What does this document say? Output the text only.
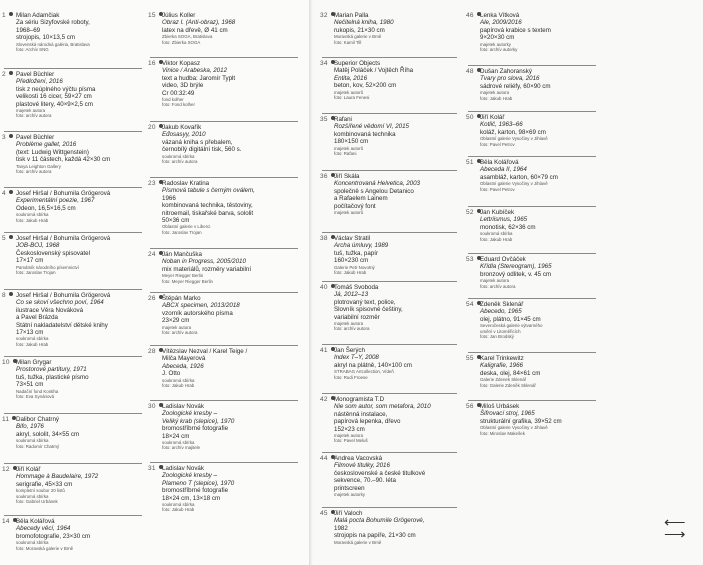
1	Milan Adamčiak
Za sériu Sizyfovské roboty,
1968–69
strojopis, 10×13,5 cm
Slovenská národná galéria, Bratislava
foto: Archív SNG
2	Pavel Büchler
Předložení, 2016
tisk z neúplného výčtu písma
velikosti 16 cicer, 59×27 cm
plastové litery, 40×9×2,5 cm
majetek autora
foto: archív autora
3	Pavel Büchler
Problème gallet, 2016
(text: Ludwig Wittgenstein)
tisk v 11 částech, každá 42×30 cm
Tanya Leighton Gallery
foto: archív autora
4	Josef Hiršal / Bohumila Grögerová
Experimentální poezie, 1967
Odeon, 16,5×16,5 cm
soukromá sbírka
foto: Jakub Hrab
5	Josef Hiršal / Bohumila Grögerová
JOB-BOJ, 1968
Československý spisovatel
17×17 cm
Památník národního písemnictví
foto: Jaroslav Trojan
8	Josef Hiršal / Bohumila Grögerová
Co se skoví všechno poví, 1964
ilustrace Věra Nováková
a Pavel Brázda
Státní nakladatelství dětské knihy
17×13 cm
soukromá sbírka
foto: Jakub Hrab
10	Milan Grygar
Prostorové partitury, 1971
tuš, tužka, plastické písmo
73×51 cm
Nadační fond Kontiha
foto: Eva Synáriová
11	Dalibor Chatrný
Bifo, 1976
akryl, sololit, 34×55 cm
soukromá sbírka
foto: Radomír Chatrný
12	Jiří Kolář
Hommage à Baudelaire, 1972
serigrafie, 45×33 cm
kompletní soubor 20 listů
soukromá sbírka
foto: Gabriel Urbánek
14	Běla Kolářová
Abecedy věcí, 1964
bromofotografie, 23×30 cm
soukromá sbírka
foto: Moravská galerie v Brně
15	Július Koller
Obraz I. (Anti-obraz), 1968
latex na dřevě, Ø 41 cm
Zbierka SOGA, Bratislava
foto: Zbierka SOGA
16	Viktor Kopasz
Vinice / Arabeska, 2012
text a hudba: Jaromír Typlt
video, 3D brýle
Cr 00:32:49
fond kolher
foto: Fond kolher
20	Jakub Kovařík
Eđosasyy, 2010
vázaná kniha s přebalem,
černobílý digitální tisk, 560 s.
soukromá sbírka
foto: archív autora
23	Radoslav Kratina
Písmová tabule s černým oválem,
1966
kombinovaná technika, těstoviny,
nitroemail, tiskařské barva, sololit
50×36 cm
Oblastní galerie v Liberci
foto: Jaroslav Trojan
24	Ján Mančuška
Noban in Progress, 2005/2010
mix materiálů, rozměry variabilní
Meyer Riegger Berlin
foto: Meyer Riegger Berlin
26	Štěpán Marko
ABCX specimen, 2013/2018
vzorník autorského písma
23×29 cm
majetek autora
foto: archív autora
28	Vítězslav Nezval / Karel Teige /
Milča Mayerová
Abeceda, 1926
J. Otto
soukromá sbírka
foto: Jakub Hrab
30	Ladislav Novák
Zoologické kresby –
Veliký krab (slepice), 1970
bromostříbrné fotografie
18×24 cm
soukromá sbírka
foto: archív majitele
31	Ladislav Novák
Zoologické kresby –
Plameno T (slepice), 1970
bromostříbrné fotografie
18×24 cm, 13×18 cm
soukromá sbírka
foto: Jakub Hrab
32	Marian Palla
Nečitelná kniha, 1980
rukopis, 21×30 cm
Moravská galerie v Brně
foto: Kamil Till
34	Superior Objects
Matěj Poláček / Vojtěch Říha
Entita, 2016
beton, kov, 52×200 cm
majetek autorů
foto: Laura Fenesi
35	Rafani
Rozšířené vědomí VI, 2015
kombinovaná technika
180×150 cm
majetek autorů
foto: Rafani
36	Jiří Skála
Koncentrovaná Helvetica, 2003
společně s Angelou Detanico
a Rafaelem Lainem
počítačový font
majetek autorů
38	Václav Stratil
Archa úmluvy, 1989
tuš, tužka, papír
160×230 cm
Galerie Petr Novotný
foto: Jakub Hrab
40	Tomáš Svoboda
Já, 2012–13
plotrovaný text, police,
Slovník spisovné češtiny,
variabilní rozměr
majetek autora
foto: archív autora
41	Jan Šerých
Index T–Y, 2008
akryl na plátně, 140×100 cm
STRABAG Artcollection, Vídeň
foto: Rudi Froese
42	Monogramista T.D
Nie som autor, som metafora, 2010
nástěnná instalace,
papírová lepenka, dřevo
152×23 cm
majetek autora
foto: Pavel Meluš
44	Andrea Vacovská
Filmové titulky, 2016
československé a české titulkové
sekvence, 70.–90. léta
printscreen
majetek autorky
45	Jiří Valoch
Malá pocta Bohumile Grögerové,
1982
strojopis na papíře, 21×30 cm
Moravská galerie v Brně
46	Lenka Vítková
Ale, 2009/2016
papírová krabice s textem
9×20×30 cm
majetek autorky
foto: archív autorky
48	Dušan Zahoranský
Tvary pro slova, 2016
sádrové reliéfy, 60×90 cm
majetek autora
foto: Jakub Hrab
50	Jiří Kolář
Kotlič, 1963–66
koláž, karton, 98×69 cm
Oblastní galerie Vysočiny v Jihlavě
foto: Pavel Petrov
51	Běla Kolářová
Abeceda II, 1964
asambláž, karton, 60×79 cm
Oblastní galerie Vysočiny v Jihlavě
foto: Pavel Petrov
52	Jan Kubíček
Lettriismus, 1965
monotisk, 62×36 cm
soukromá sbírka
foto: Jakub Hrab
53	Eduard Ovčáček
Křídla (Stereogram), 1965
bronzový odlitek, v. 45 cm
majetek autora
foto: archív autora
54	Zdeněk Sklenář
Abecedo, 1965
olej, plátno, 91×45 cm
Severočeská galerie výtvarného
umění v Litoměřicích
foto: Jan Brodský
55	Karel Trinkewitz
Kaligrafie, 1966
deska, olej, 84×61 cm
Galerie Zdenek Sklenář
foto: Galerie Zdeněk Sklenář
56	Miloš Urbásek
Šifrovací stroj, 1965
strukturální grafika, 39×52 cm
Oblastní galerie Vysočiny v Jihlavě
foto: Miroslav Makešek
⟵
⟶
